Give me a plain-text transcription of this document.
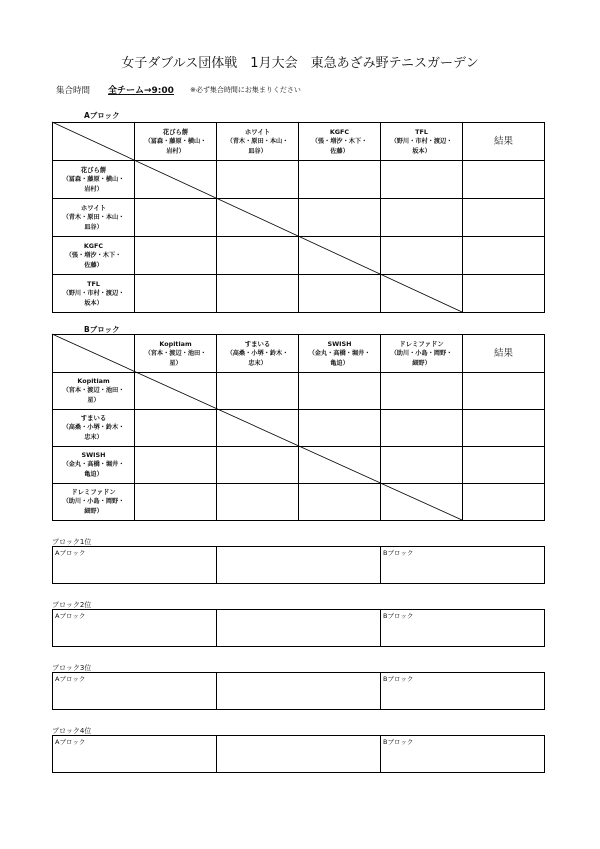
女子ダブルス団体戦　1月大会　東急あざみ野テニスガーデン
集合時間 全チーム→9:00 ※必ず集合時間にお集まりください
Aブロック

	花びら餅
（冨森・藤原・横山・
岩村）	ホワイト
（青木・原田・本山・
皿谷）	KGFC
（張・増汐・木下・
佐藤）	TFL
（野川・市村・渡辺・
坂本）	結果

花びら餅
（冨森・藤原・横山・
岩村）					

ホワイト
（青木・原田・本山・
皿谷）					

KGFC
（張・増汐・木下・
佐藤）					

TFL
（野川・市村・渡辺・
坂本）					
Bブロック

	Kopitiam
（宮本・渡辺・池田・
星）	すまいる
（高桑・小堺・鈴木・
忠末）	SWISH
（金丸・高橋・堀井・
亀迫）	ドレミファドン
（助川・小島・岡野・
細野）	結果

Kopitiam
（宮本・渡辺・池田・
星）					

すまいる
（高桑・小堺・鈴木・
忠末）					

SWISH
（金丸・高橋・堀井・
亀迫）					

ドレミファドン
（助川・小島・岡野・
細野）					
ブロック1位
Aブロック		Bブロック
ブロック2位
Aブロック		Bブロック
ブロック3位
Aブロック		Bブロック
ブロック4位
Aブロック		Bブロック
